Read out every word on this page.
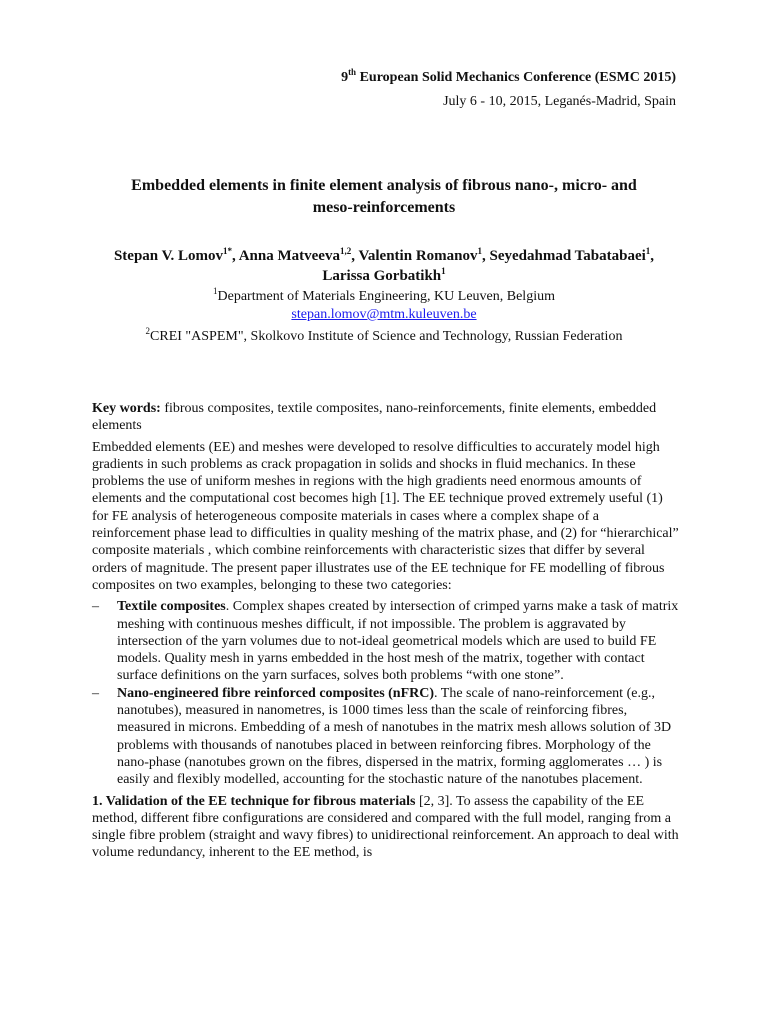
9th European Solid Mechanics Conference (ESMC 2015)
July 6 - 10, 2015, Leganés-Madrid, Spain
Embedded elements in finite element analysis of fibrous nano-, micro- and
meso-reinforcements
Stepan V. Lomov$^{1*}$, Anna Matveeva$^{1,2}$, Valentin Romanov$^1$, Seyedahmad Tabatabaei$^1$, Larissa Gorbatikh$^1$
$^1$Department of Materials Engineering, KU Leuven, Belgium
stepan.lomov@mtm.kuleuven.be
$^2$CREI "ASPEM", Skolkovo Institute of Science and Technology, Russian Federation

Key words: fibrous composites, textile composites, nano-reinforcements, finite elements, embedded elements

Embedded elements (EE) and meshes were developed to resolve difficulties to accurately model high gradients in such problems as crack propagation in solids and shocks in fluid mechanics. In these problems the use of uniform meshes in regions with the high gradients need enormous amounts of elements and the computational cost becomes high [1]. The EE technique proved extremely useful (1) for FE analysis of heterogeneous composite materials in cases where a complex shape of a reinforcement phase lead to difficulties in quality meshing of the matrix phase, and (2) for “hierarchical” composite materials , which combine reinforcements with characteristic sizes that differ by several orders of magnitude. The present paper illustrates use of the EE technique for FE modelling of fibrous composites on two examples, belonging to these two categories:

– Textile composites. Complex shapes created by intersection of crimped yarns make a task of matrix meshing with continuous meshes difficult, if not impossible. The problem is aggravated by intersection of the yarn volumes due to not-ideal geometrical models which are used to build FE models. Quality mesh in yarns embedded in the host mesh of the matrix, together with contact surface definitions on the yarn surfaces, solves both problems “with one stone”.
– Nano-engineered fibre reinforced composites (nFRC). The scale of nano-reinforcement (e.g., nanotubes), measured in nanometres, is 1000 times less than the scale of reinforcing fibres, measured in microns. Embedding of a mesh of nanotubes in the matrix mesh allows solution of 3D problems with thousands of nanotubes placed in between reinforcing fibres. Morphology of the nano-phase (nanotubes grown on the fibres, dispersed in the matrix, forming agglomerates … ) is easily and flexibly modelled, accounting for the stochastic nature of the nanotubes placement.

1. Validation of the EE technique for fibrous materials [2, 3]. To assess the capability of the EE method, different fibre configurations are considered and compared with the full model, ranging from a single fibre problem (straight and wavy fibres) to unidirectional reinforcement. An approach to deal with volume redundancy, inherent to the EE method, is
